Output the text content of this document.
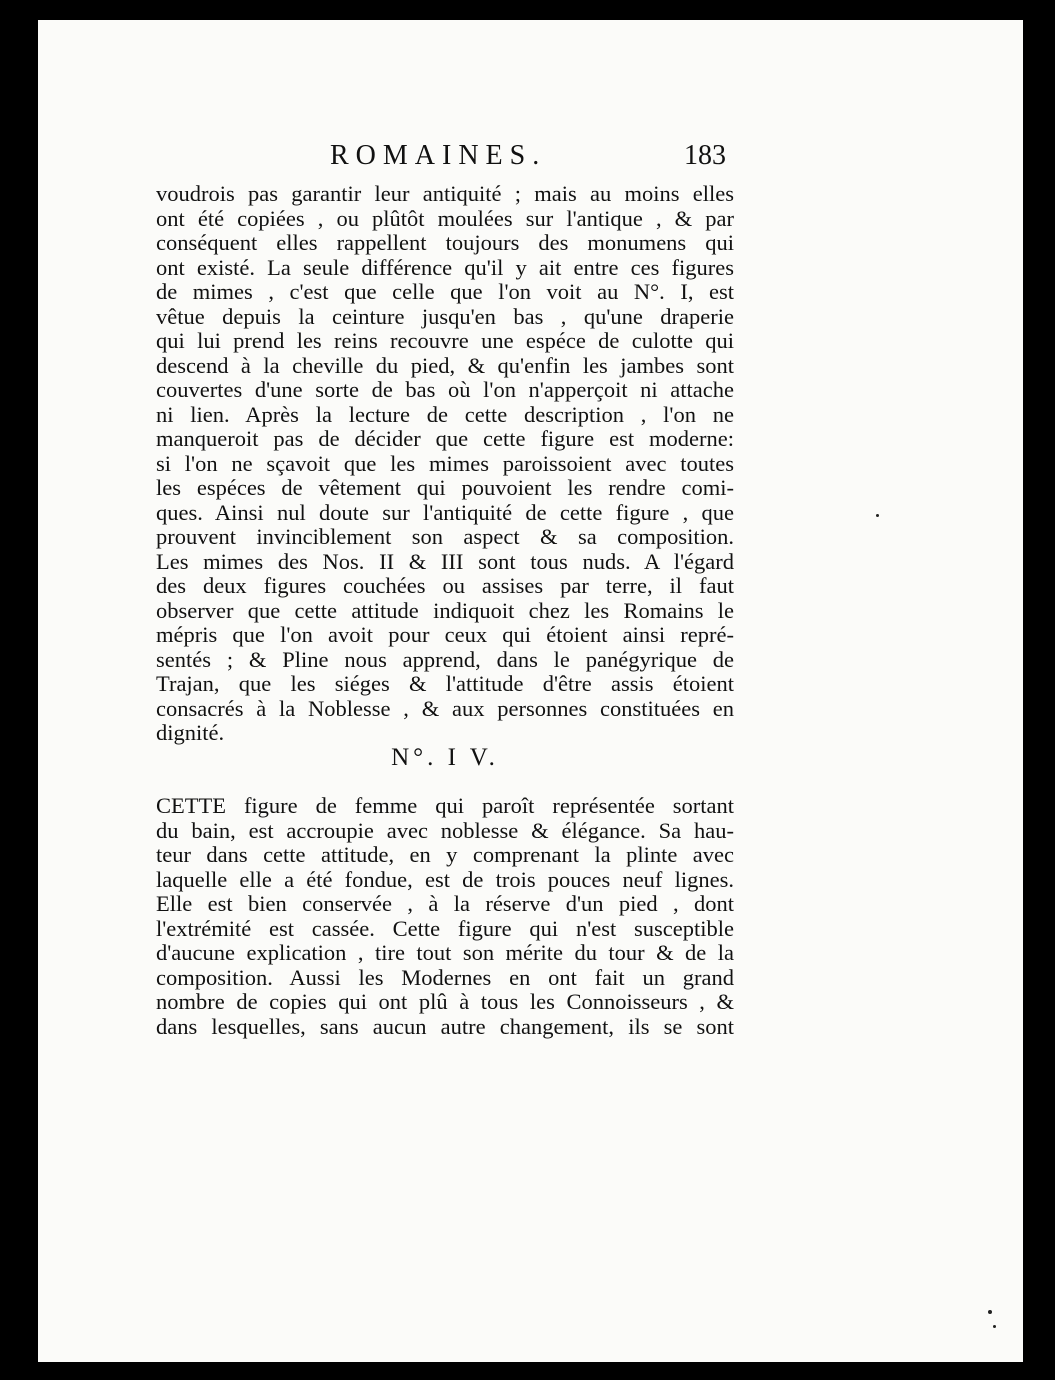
ROMAINES.	183
voudrois pas garantir leur antiquité ; mais au moins elles
ont été copiées , ou plûtôt moulées sur l'antique , & par
conséquent elles rappellent toujours des monumens qui
ont existé. La seule différence qu'il y ait entre ces figures
de mimes , c'est que celle que l'on voit au N°. I, est
vêtue depuis la ceinture jusqu'en bas , qu'une draperie
qui lui prend les reins recouvre une espéce de culotte qui
descend à la cheville du pied, & qu'enfin les jambes sont
couvertes d'une sorte de bas où l'on n'apperçoit ni attache
ni lien. Après la lecture de cette description , l'on ne
manqueroit pas de décider que cette figure est moderne:
si l'on ne sçavoit que les mimes paroissoient avec toutes
les espéces de vêtement qui pouvoient les rendre comi-
ques. Ainsi nul doute sur l'antiquité de cette figure , que
prouvent invinciblement son aspect & sa composition.
Les mimes des Nos. II & III sont tous nuds. A l'égard
des deux figures couchées ou assises par terre, il faut
observer que cette attitude indiquoit chez les Romains le
mépris que l'on avoit pour ceux qui étoient ainsi repré-
sentés ; & Pline nous apprend, dans le panégyrique de
Trajan, que les siéges & l'attitude d'être assis étoient
consacrés à la Noblesse , & aux personnes constituées en
dignité.
N°. I V.
CETTE figure de femme qui paroît représentée sortant
du bain, est accroupie avec noblesse & élégance. Sa hau-
teur dans cette attitude, en y comprenant la plinte avec
laquelle elle a été fondue, est de trois pouces neuf lignes.
Elle est bien conservée , à la réserve d'un pied , dont
l'extrémité est cassée. Cette figure qui n'est susceptible
d'aucune explication , tire tout son mérite du tour & de la
composition. Aussi les Modernes en ont fait un grand
nombre de copies qui ont plû à tous les Connoisseurs , &
dans lesquelles, sans aucun autre changement, ils se sont
